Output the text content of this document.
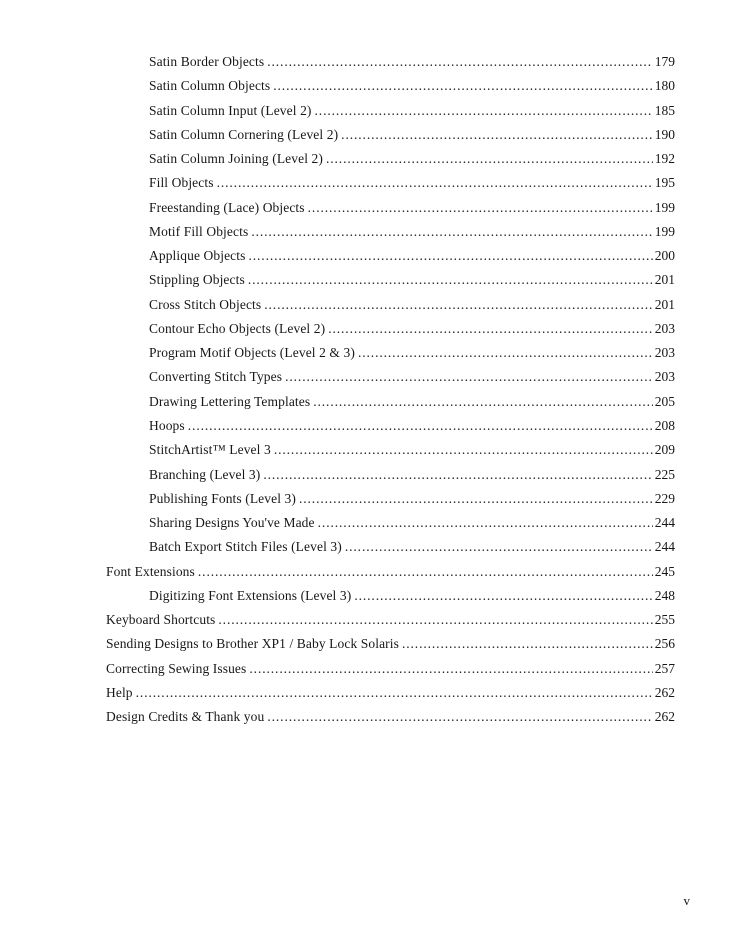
Satin Border Objects .....	179
Satin Column Objects .....	180
Satin Column Input (Level 2) .....	185
Satin Column Cornering (Level 2) .....	190
Satin Column Joining (Level 2) .....	192
Fill Objects .....	195
Freestanding (Lace) Objects .....	199
Motif Fill Objects .....	199
Applique Objects .....	200
Stippling Objects .....	201
Cross Stitch Objects .....	201
Contour Echo Objects (Level 2) .....	203
Program Motif Objects (Level 2 & 3) .....	203
Converting Stitch Types .....	203
Drawing Lettering Templates .....	205
Hoops .....	208
StitchArtist™ Level 3 .....	209
Branching (Level 3) .....	225
Publishing Fonts (Level 3) .....	229
Sharing Designs You've Made .....	244
Batch Export Stitch Files (Level 3) .....	244
Font Extensions .....	245
Digitizing Font Extensions (Level 3) .....	248
Keyboard Shortcuts .....	255
Sending Designs to Brother XP1 / Baby Lock Solaris .....	256
Correcting Sewing Issues .....	257
Help .....	262
Design Credits & Thank you .....	262
v
